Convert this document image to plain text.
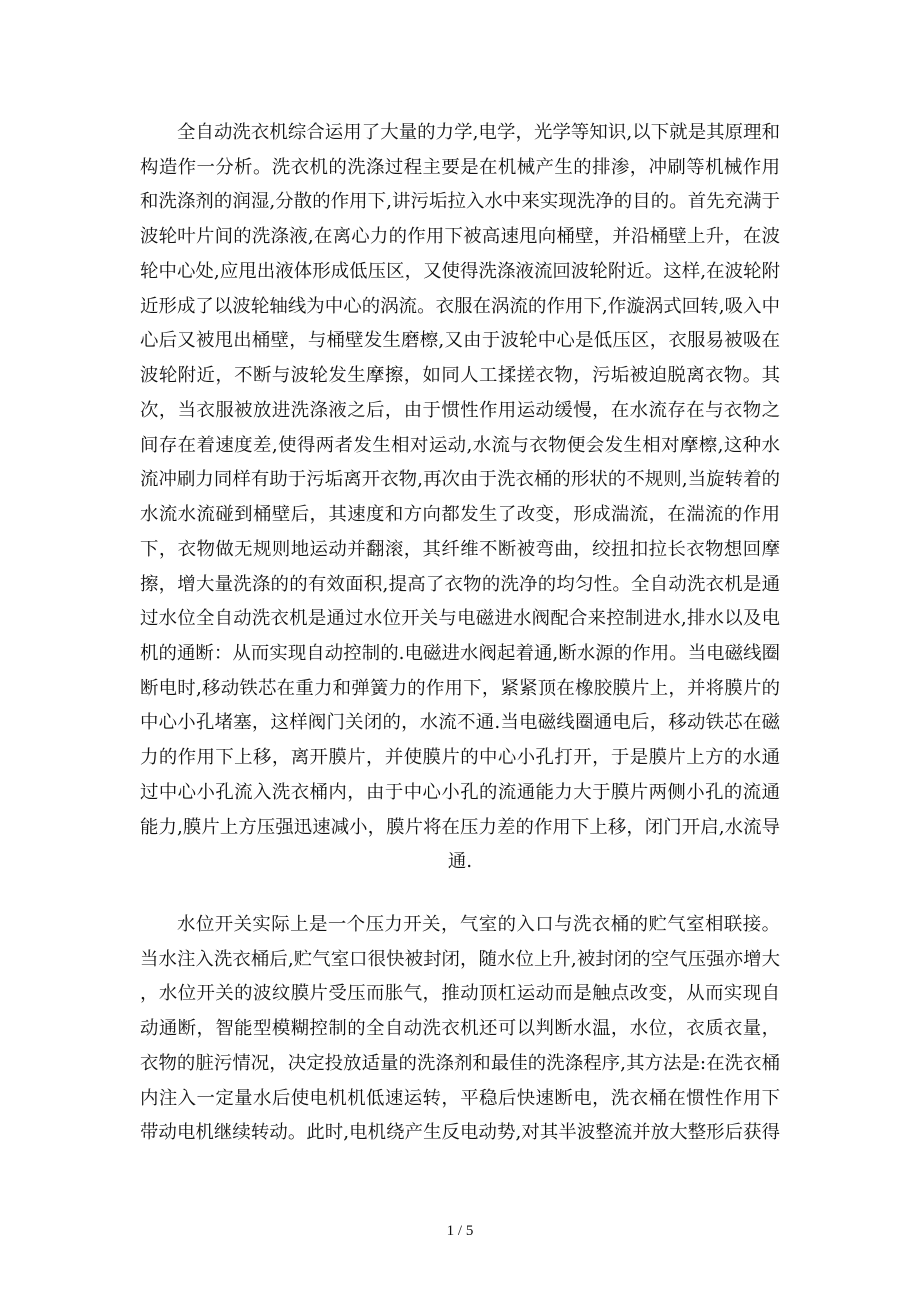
全自动洗衣机综合运用了大量的力学,电学，光学等知识,以下就是其原理和
构造作一分析。洗衣机的洗涤过程主要是在机械产生的排渗，冲刷等机械作用
和洗涤剂的润湿,分散的作用下,讲污垢拉入水中来实现洗净的目的。首先充满于
波轮叶片间的洗涤液,在离心力的作用下被高速甩向桶壁，并沿桶壁上升，在波
轮中心处,应甩出液体形成低压区，又使得洗涤液流回波轮附近。这样,在波轮附
近形成了以波轮轴线为中心的涡流。衣服在涡流的作用下,作漩涡式回转,吸入中
心后又被甩出桶壁，与桶壁发生磨檫,又由于波轮中心是低压区，衣服易被吸在
波轮附近，不断与波轮发生摩擦，如同人工揉搓衣物，污垢被迫脱离衣物。其
次，当衣服被放进洗涤液之后，由于惯性作用运动缓慢，在水流存在与衣物之
间存在着速度差,使得两者发生相对运动,水流与衣物便会发生相对摩檫,这种水
流冲刷力同样有助于污垢离开衣物,再次由于洗衣桶的形状的不规则,当旋转着的
水流水流碰到桶壁后，其速度和方向都发生了改变，形成湍流，在湍流的作用
下，衣物做无规则地运动并翻滚，其纤维不断被弯曲，绞扭扣拉长衣物想回摩
擦，增大量洗涤的的有效面积,提高了衣物的洗净的均匀性。全自动洗衣机是通
过水位全自动洗衣机是通过水位开关与电磁进水阀配合来控制进水,排水以及电
机的通断：从而实现自动控制的.电磁进水阀起着通,断水源的作用。当电磁线圈
断电时,移动铁芯在重力和弹簧力的作用下，紧紧顶在橡胶膜片上，并将膜片的
中心小孔堵塞，这样阀门关闭的，水流不通.当电磁线圈通电后，移动铁芯在磁
力的作用下上移，离开膜片，并使膜片的中心小孔打开，于是膜片上方的水通
过中心小孔流入洗衣桶内，由于中心小孔的流通能力大于膜片两侧小孔的流通
能力,膜片上方压强迅速减小，膜片将在压力差的作用下上移，闭门开启,水流导
通.
水位开关实际上是一个压力开关，气室的入口与洗衣桶的贮气室相联接。
当水注入洗衣桶后,贮气室口很快被封闭，随水位上升,被封闭的空气压强亦增大
，水位开关的波纹膜片受压而胀气，推动顶杠运动而是触点改变，从而实现自
动通断，智能型模糊控制的全自动洗衣机还可以判断水温，水位，衣质衣量，
衣物的脏污情况，决定投放适量的洗涤剂和最佳的洗涤程序,其方法是:在洗衣桶
内注入一定量水后使电机机低速运转，平稳后快速断电，洗衣桶在惯性作用下
带动电机继续转动。此时,电机绕产生反电动势,对其半波整流并放大整形后获得
1 / 5
